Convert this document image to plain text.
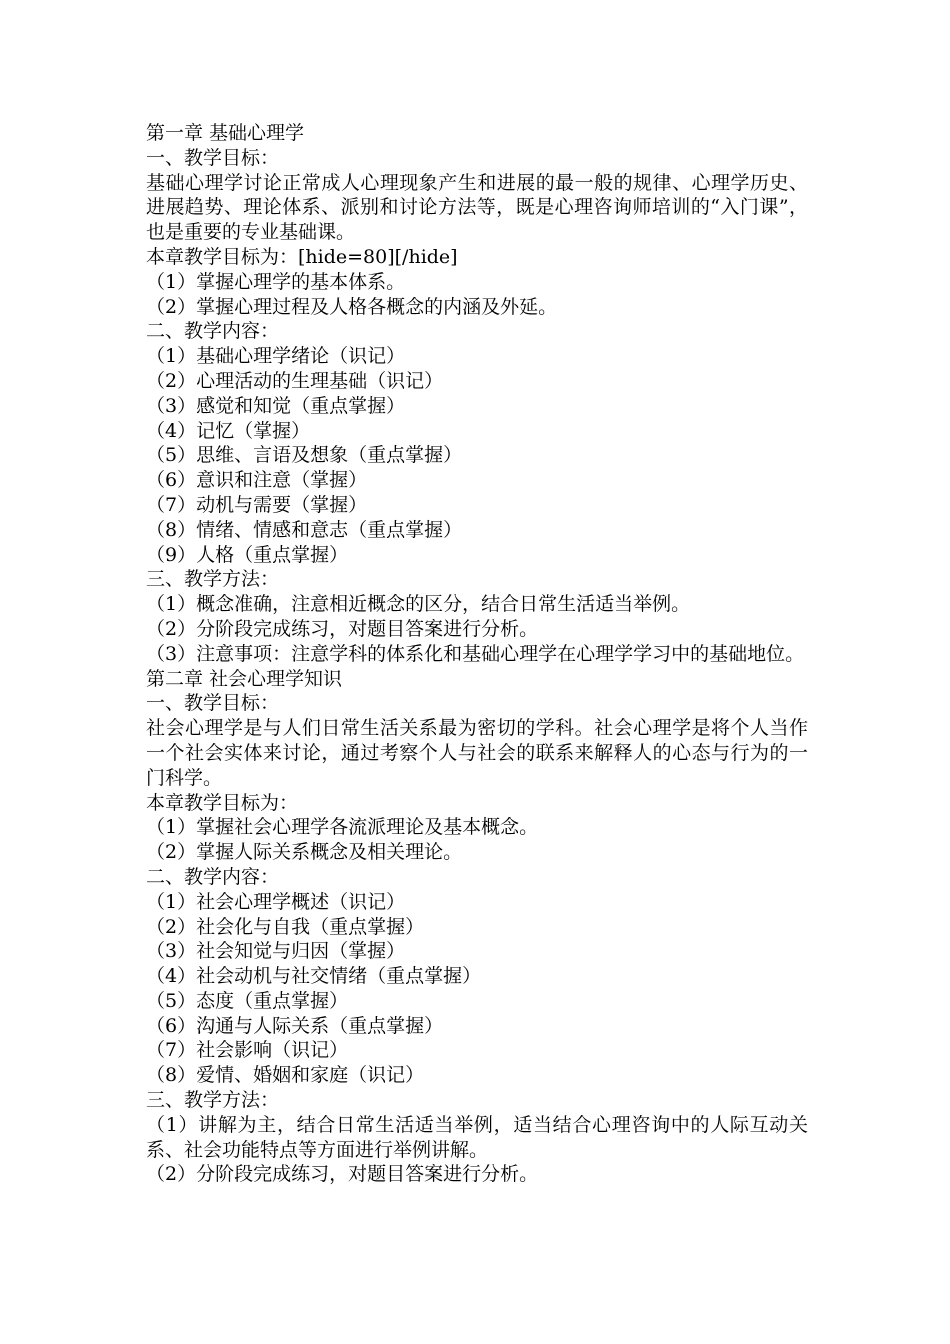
第一章 基础心理学
一、教学目标：
基础心理学讨论正常成人心理现象产生和进展的最一般的规律、心理学历史、进展趋势、理论体系、派别和讨论方法等，既是心理咨询师培训的“入门课”，也是重要的专业基础课。
本章教学目标为：[hide=80][/hide]
（1）掌握心理学的基本体系。
（2）掌握心理过程及人格各概念的内涵及外延。
二、教学内容：
（1）基础心理学绪论（识记）
（2）心理活动的生理基础（识记）
（3）感觉和知觉（重点掌握）
（4）记忆（掌握）
（5）思维、言语及想象（重点掌握）
（6）意识和注意（掌握）
（7）动机与需要（掌握）
（8）情绪、情感和意志（重点掌握）
（9）人格（重点掌握）
三、教学方法：
（1）概念准确，注意相近概念的区分，结合日常生活适当举例。
（2）分阶段完成练习，对题目答案进行分析。
（3）注意事项：注意学科的体系化和基础心理学在心理学学习中的基础地位。
第二章 社会心理学知识
一、教学目标：
社会心理学是与人们日常生活关系最为密切的学科。社会心理学是将个人当作一个社会实体来讨论，通过考察个人与社会的联系来解释人的心态与行为的一门科学。
本章教学目标为：
（1）掌握社会心理学各流派理论及基本概念。
（2）掌握人际关系概念及相关理论。
二、教学内容：
（1）社会心理学概述（识记）
（2）社会化与自我（重点掌握）
（3）社会知觉与归因（掌握）
（4）社会动机与社交情绪（重点掌握）
（5）态度（重点掌握）
（6）沟通与人际关系（重点掌握）
（7）社会影响（识记）
（8）爱情、婚姻和家庭（识记）
三、教学方法：
（1）讲解为主，结合日常生活适当举例，适当结合心理咨询中的人际互动关系、社会功能特点等方面进行举例讲解。
（2）分阶段完成练习，对题目答案进行分析。
